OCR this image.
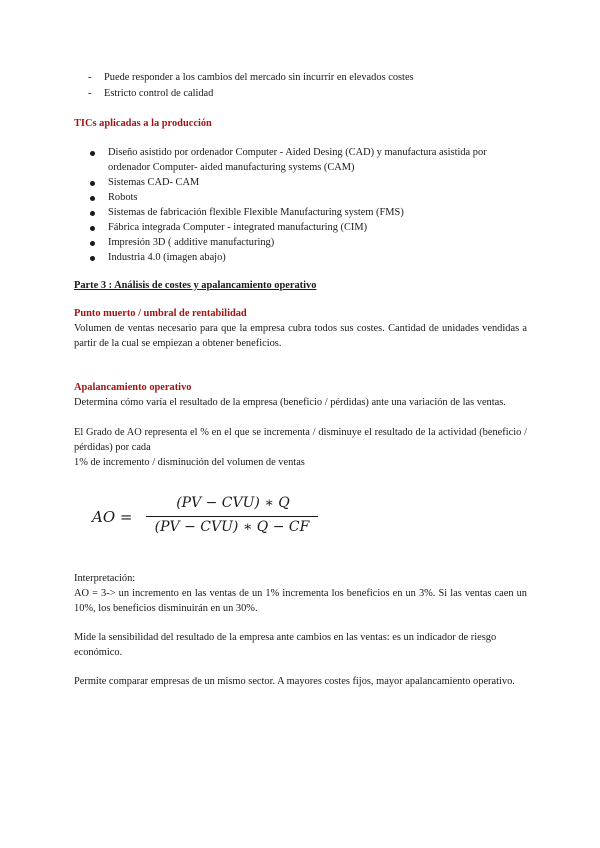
- Puede responder a los cambios del mercado sin incurrir en elevados costes
- Estricto control de calidad
TICs aplicadas a la producción
Diseño asistido por ordenador Computer - Aided Desing (CAD) y manufactura asistida por ordenador Computer- aided manufacturing systems (CAM)
Sistemas CAD- CAM
Robots
Sistemas de fabricación flexible Flexible Manufacturing system (FMS)
Fábrica integrada Computer - integrated manufacturing (CIM)
Impresión 3D ( additive manufacturing)
Industria 4.0 (imagen abajo)
Parte 3 : Análisis de costes y apalancamiento operativo
Punto muerto / umbral de rentabilidad

Volumen de ventas necesario para que la empresa cubra todos sus costes. Cantidad de unidades vendidas a partir de la cual se empiezan a obtener beneficios.

Apalancamiento operativo

Determina cómo varía el resultado de la empresa (beneficio / pérdidas) ante una variación de las ventas.

El Grado de AO representa el % en el que se incrementa / disminuye el resultado de la actividad (beneficio / pérdidas) por cada

1% de incremento / disminución del volumen de ventas

AO =
(PV − CVU) ∗ Q
(PV − CVU) ∗ Q − CF

Interpretación:

AO = 3-> un incremento en las ventas de un 1% incrementa los beneficios en un 3%. Si las ventas caen un 10%, los beneficios disminuirán en un 30%.

Mide la sensibilidad del resultado de la empresa ante cambios en las ventas: es un indicador de riesgo económico.

Permite comparar empresas de un mismo sector. A mayores costes fijos, mayor apalancamiento operativo.
